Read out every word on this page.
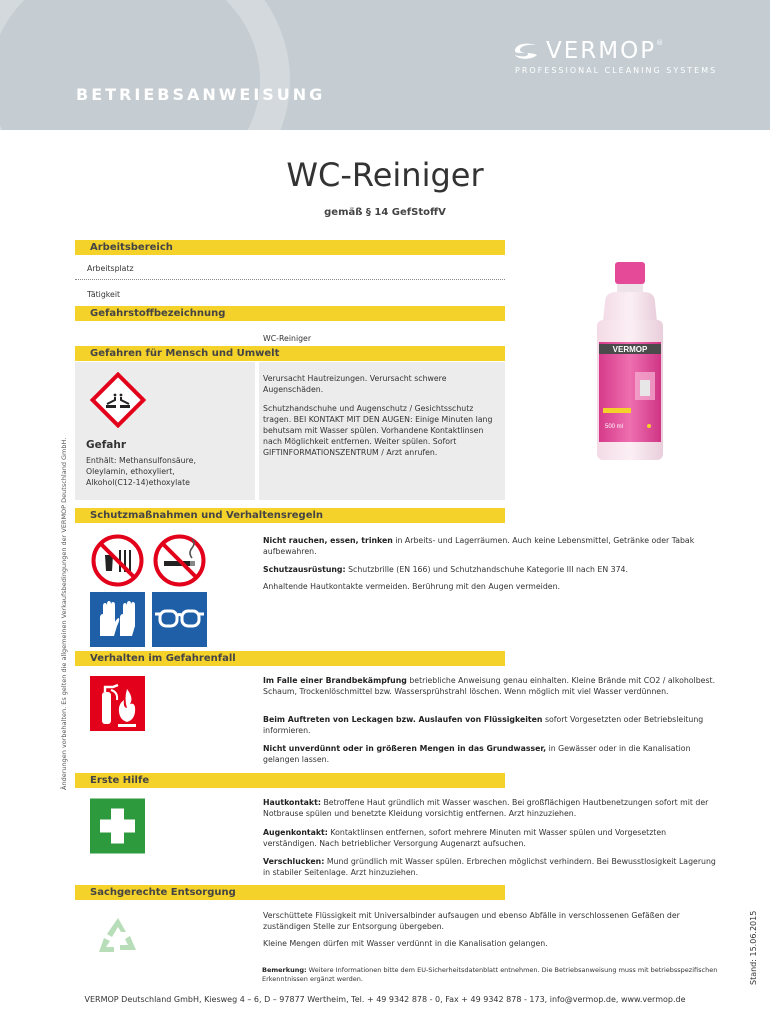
BETRIEBSANWEISUNG
VERMOP ®
PROFESSIONAL CLEANING SYSTEMS
Änderungen vorbehalten. Es gelten die allgemeinen Verkaufsbedingungen der VERMOP Deutschland GmbH.
Stand: 15.06.2015
WC-Reiniger
gemäß § 14 GefStoffV
Arbeitsbereich
Arbeitsplatz
Tätigkeit
Gefahrstoffbezeichnung
WC-Reiniger
Gefahren für Mensch und Umwelt
Gefahr
Enthält: Methansulfonsäure, Oleylamin, ethoxyliert, Alkohol(C12-14)ethoxylate
Verursacht Hautreizungen. Verursacht schwere Augenschäden.
Schutzhandschuhe und Augenschutz / Gesichtsschutz tragen. BEI KONTAKT MIT DEN AUGEN: Einige Minuten lang behutsam mit Wasser spülen. Vorhandene Kontaktlinsen nach Möglichkeit entfernen. Weiter spülen. Sofort GIFTINFORMATIONSZENTRUM / Arzt anrufen.
VERMOP
500 ml
Schutzmaßnahmen und Verhaltensregeln
Nicht rauchen, essen, trinken in Arbeits- und Lagerräumen. Auch keine Lebensmittel, Getränke oder Tabak aufbewahren.
Schutzausrüstung: Schutzbrille (EN 166) und Schutzhandschuhe Kategorie III nach EN 374.
Anhaltende Hautkontakte vermeiden. Berührung mit den Augen vermeiden.
Verhalten im Gefahrenfall
Im Falle einer Brandbekämpfung betriebliche Anweisung genau einhalten. Kleine Brände mit CO2 / alkoholbest. Schaum, Trockenlöschmittel bzw. Wassersprühstrahl löschen. Wenn möglich mit viel Wasser verdünnen.
Beim Auftreten von Leckagen bzw. Auslaufen von Flüssigkeiten sofort Vorgesetzten oder Betriebsleitung informieren.
Nicht unverdünnt oder in größeren Mengen in das Grundwasser, in Gewässer oder in die Kanalisation gelangen lassen.
Erste Hilfe
Hautkontakt: Betroffene Haut gründlich mit Wasser waschen. Bei großflächigen Hautbenetzungen sofort mit der Notbrause spülen und benetzte Kleidung vorsichtig entfernen. Arzt hinzuziehen.
Augenkontakt: Kontaktlinsen entfernen, sofort mehrere Minuten mit Wasser spülen und Vorgesetzten verständigen. Nach betrieblicher Versorgung Augenarzt aufsuchen.
Verschlucken: Mund gründlich mit Wasser spülen. Erbrechen möglichst verhindern. Bei Bewusstlosigkeit Lagerung in stabiler Seitenlage. Arzt hinzuziehen.
Sachgerechte Entsorgung
Verschüttete Flüssigkeit mit Universalbinder aufsaugen und ebenso Abfälle in verschlossenen Gefäßen der zuständigen Stelle zur Entsorgung übergeben.
Kleine Mengen dürfen mit Wasser verdünnt in die Kanalisation gelangen.
Bemerkung: Weitere Informationen bitte dem EU-Sicherheitsdatenblatt entnehmen. Die Betriebsanweisung muss mit betriebsspezifischen Erkenntnissen ergänzt werden.
VERMOP Deutschland GmbH, Kiesweg 4 – 6, D – 97877 Wertheim, Tel. + 49 9342 878 - 0, Fax + 49 9342 878 - 173, info@vermop.de, www.vermop.de
